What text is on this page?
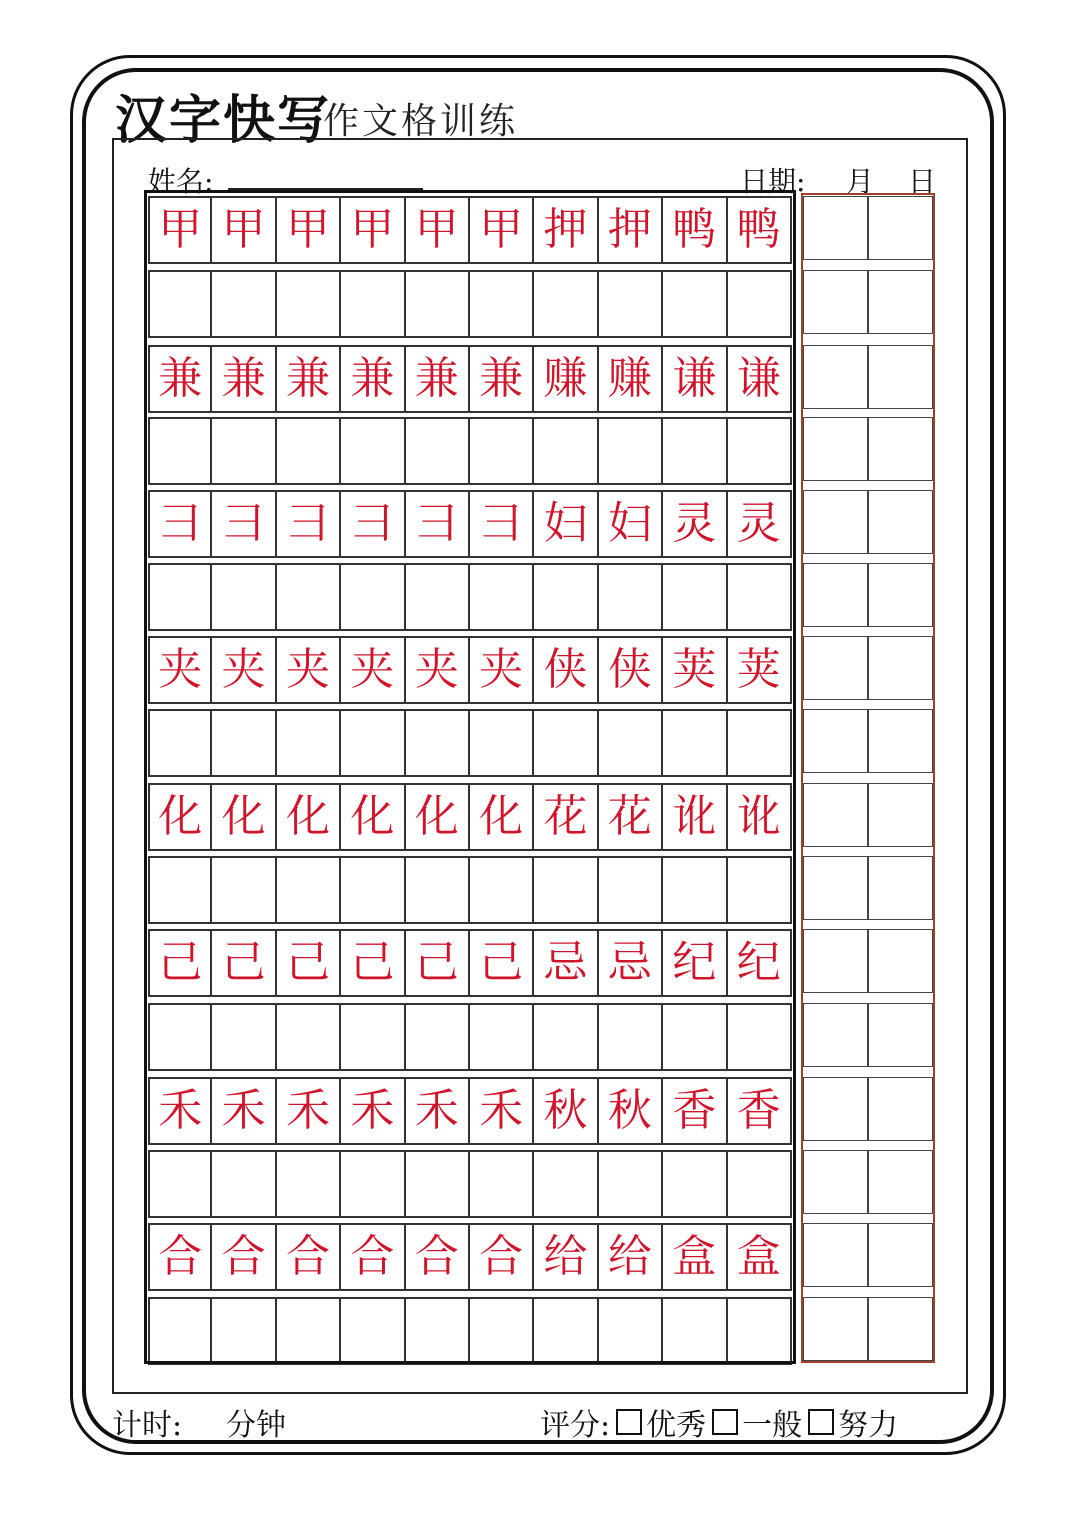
汉字快写
作文格训练
姓名:	日期: 月 日
甲 甲 甲 甲 甲 甲 押 押 鸭 鸭
兼 兼 兼 兼 兼 兼 赚 赚 谦 谦
彐 彐 彐 彐 彐 彐 妇 妇 灵 灵
夹 夹 夹 夹 夹 夹 侠 侠 荚 荚
化 化 化 化 化 化 花 花 讹 讹
己 己 己 己 己 己 忌 忌 纪 纪
禾 禾 禾 禾 禾 禾 秋 秋 香 香
合 合 合 合 合 合 给 给 盒 盒
计时: 分钟	评分: 优秀 一般 努力
